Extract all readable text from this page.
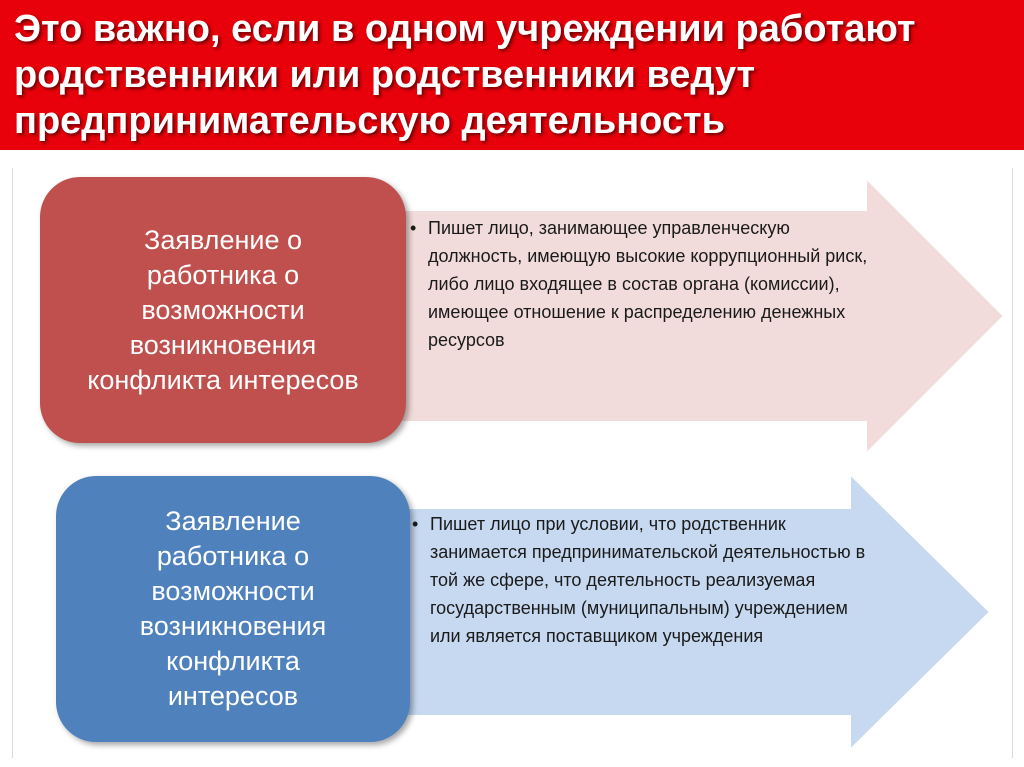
Это важно, если в одном учреждении работают родственники или родственники ведут предпринимательскую деятельность
Заявление о
работника о
возможности
возникновения
конфликта интересов
• Пишет лицо, занимающее управленческую должность, имеющую высокие коррупционный риск, либо лицо входящее в состав органа (комиссии), имеющее отношение к распределению денежных ресурсов
Заявление
работника о
возможности
возникновения
конфликта
интересов
• Пишет лицо при условии, что родственник занимается предпринимательской деятельностью в той же сфере, что деятельность реализуемая государственным (муниципальным) учреждением или является поставщиком учреждения
